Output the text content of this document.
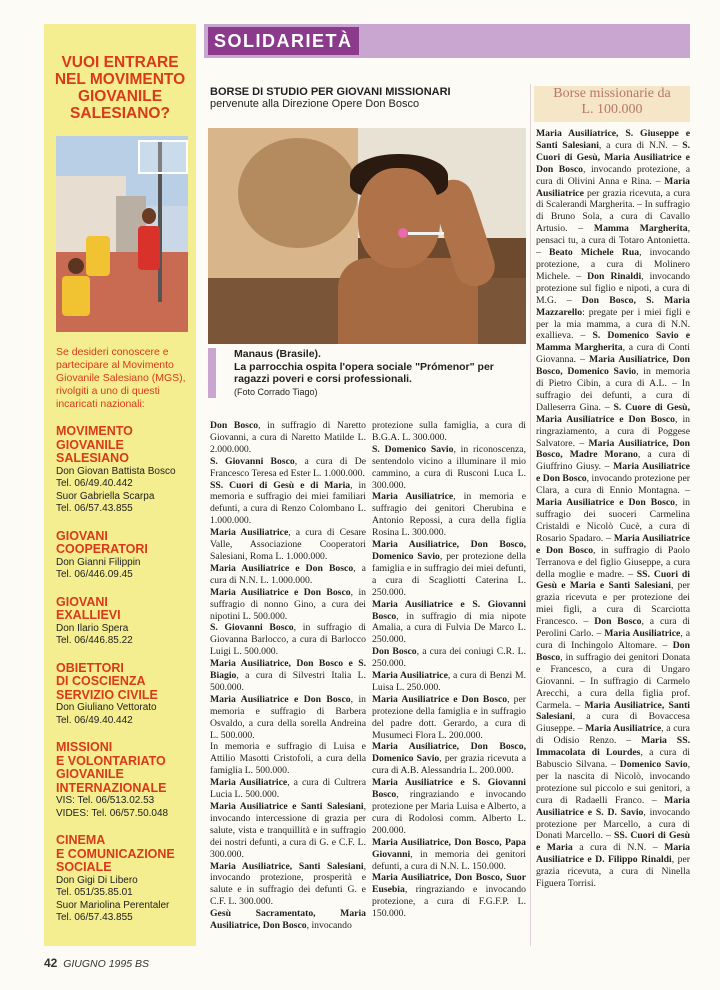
VUOI ENTRARE
NEL MOVIMENTO
GIOVANILE
SALESIANO?
Se desideri conoscere e partecipare al Movimento Giovanile Salesiano (MGS), rivolgiti a uno di questi incaricati nazionali:
MOVIMENTO
GIOVANILE
SALESIANO
Don Giovan Battista Bosco
Tel. 06/49.40.442
Suor Gabriella Scarpa
Tel. 06/57.43.855
GIOVANI
COOPERATORI
Don Gianni Filippin
Tel. 06/446.09.45
GIOVANI
EXALLIEVI
Don Ilario Spera
Tel. 06/446.85.22
OBIETTORI
DI COSCIENZA
SERVIZIO CIVILE
Don Giuliano Vettorato
Tel. 06/49.40.442
MISSIONI
E VOLONTARIATO
GIOVANILE
INTERNAZIONALE
VIS: Tel. 06/513.02.53
VIDES: Tel. 06/57.50.048
CINEMA
E COMUNICAZIONE
SOCIALE
Don Gigi Di Libero
Tel. 051/35.85.01
Suor Mariolina Perentaler
Tel. 06/57.43.855
42 GIUGNO 1995 BS
SOLIDARIETÀ
BORSE DI STUDIO PER GIOVANI MISSIONARI
pervenute alla Direzione Opere Don Bosco
Manaus (Brasile).
La parrocchia ospita l'opera sociale "Prómenor" per ragazzi poveri e corsi professionali.
(Foto Corrado Tiago)

Don Bosco, in suffragio di Naretto Giovanni, a cura di Naretto Matilde L. 2.000.000.

S. Giovanni Bosco, a cura di De Francesco Teresa ed Ester L. 1.000.000.

SS. Cuori di Gesù e di Maria, in memoria e suffragio dei miei familiari defunti, a cura di Renzo Colombano L. 1.000.000.

Maria Ausiliatrice, a cura di Cesare Valle, Associazione Cooperatori Salesiani, Roma L. 1.000.000.

Maria Ausiliatrice e Don Bosco, a cura di N.N. L. 1.000.000.

Maria Ausiliatrice e Don Bosco, in suffragio di nonno Gino, a cura dei nipotini L. 500.000.

S. Giovanni Bosco, in suffragio di Giovanna Barlocco, a cura di Barlocco Luigi L. 500.000.

Maria Ausiliatrice, Don Bosco e S. Biagio, a cura di Silvestri Italia L. 500.000.

Maria Ausiliatrice e Don Bosco, in memoria e suffragio di Barbera Osvaldo, a cura della sorella Andreina L. 500.000.

In memoria e suffragio di Luisa e Attilio Masotti Cristofoli, a cura della famiglia L. 500.000.

Maria Ausiliatrice, a cura di Cultrera Lucia L. 500.000.

Maria Ausiliatrice e Santi Salesiani, invocando intercessione di grazia per salute, vista e tranquillità e in suffragio dei nostri defunti, a cura di G. e C.F. L. 300.000.

Maria Ausiliatrice, Santi Salesiani, invocando protezione, prosperità e salute e in suffragio dei defunti G. e C.F. L. 300.000.

Gesù Sacramentato, Maria Ausiliatrice, Don Bosco, invocando

protezione sulla famiglia, a cura di B.G.A. L. 300.000.

S. Domenico Savio, in riconoscenza, sentendolo vicino a illuminare il mio cammino, a cura di Rusconi Luca L. 300.000.

Maria Ausiliatrice, in memoria e suffragio dei genitori Cherubina e Antonio Repossi, a cura della figlia Rosina L. 300.000.

Maria Ausiliatrice, Don Bosco, Domenico Savio, per protezione della famiglia e in suffragio dei miei defunti, a cura di Scagliotti Caterina L. 250.000.

Maria Ausiliatrice e S. Giovanni Bosco, in suffragio di mia nipote Amalia, a cura di Fulvia De Marco L. 250.000.

Don Bosco, a cura dei coniugi C.R. L. 250.000.

Maria Ausiliatrice, a cura di Benzi M. Luisa L. 250.000.

Maria Ausiliatrice e Don Bosco, per protezione della famiglia e in suffragio del padre dott. Gerardo, a cura di Musumeci Flora L. 200.000.

Maria Ausiliatrice, Don Bosco, Domenico Savio, per grazia ricevuta a cura di A.B. Alessandria L. 200.000.

Maria Ausiliatrice e S. Giovanni Bosco, ringraziando e invocando protezione per Maria Luisa e Alberto, a cura di Rodolosi comm. Alberto L. 200.000.

Maria Ausiliatrice, Don Bosco, Papa Giovanni, in memoria dei genitori defunti, a cura di N.N. L. 150.000.

Maria Ausiliatrice, Don Bosco, Suor Eusebia, ringraziando e invocando protezione, a cura di F.G.F.P. L. 150.000.

Borse missionarie da
L. 100.000

Maria Ausiliatrice, S. Giuseppe e Santi Salesiani, a cura di N.N. – S. Cuori di Gesù, Maria Ausiliatrice e Don Bosco, invocando protezione, a cura di Olivini Anna e Rina. – Maria Ausiliatrice per grazia ricevuta, a cura di Scalerandi Margherita. – In suffragio di Bruno Sola, a cura di Cavallo Artusio. – Mamma Margherita, pensaci tu, a cura di Totaro Antonietta. – Beato Michele Rua, invocando protezione, a cura di Molinero Michele. – Don Rinaldi, invocando protezione sul figlio e nipoti, a cura di M.G. – Don Bosco, S. Maria Mazzarello: pregate per i miei figli e per la mia mamma, a cura di N.N. exallieva. – S. Domenico Savio e Mamma Margherita, a cura di Conti Giovanna. – Maria Ausiliatrice, Don Bosco, Domenico Savio, in memoria di Pietro Cibin, a cura di A.L. – In suffragio dei defunti, a cura di Dalleserra Gina. – S. Cuore di Gesù, Maria Ausiliatrice e Don Bosco, in ringraziamento, a cura di Poggese Salvatore. – Maria Ausiliatrice, Don Bosco, Madre Morano, a cura di Giuffrino Giusy. – Maria Ausiliatrice e Don Bosco, invocando protezione per Clara, a cura di Ennio Montagna. – Maria Ausiliatrice e Don Bosco, in suffragio dei suoceri Carmelina Cristaldi e Nicolò Cucè, a cura di Rosario Spadaro. – Maria Ausiliatrice e Don Bosco, in suffragio di Paolo Terranova e del figlio Giuseppe, a cura della moglie e madre. – SS. Cuori di Gesù e Maria e Santi Salesiani, per grazia ricevuta e per protezione dei miei figli, a cura di Scarciotta Francesco. – Don Bosco, a cura di Perolini Carlo. – Maria Ausiliatrice, a cura di Inchingolo Altomare. – Don Bosco, in suffragio dei genitori Donata e Francesco, a cura di Ungaro Giovanni. – In suffragio di Carmelo Arecchi, a cura della figlia prof. Carmela. – Maria Ausiliatrice, Santi Salesiani, a cura di Bovaccesa Giuseppe. – Maria Ausiliatrice, a cura di Odisio Renzo. – Maria SS. Immacolata di Lourdes, a cura di Babuscio Silvana. – Domenico Savio, per la nascita di Nicolò, invocando protezione sul piccolo e sui genitori, a cura di Radaelli Franco. – Maria Ausiliatrice e S. D. Savio, invocando protezione per Marcello, a cura di Donati Marcello. – SS. Cuori di Gesù e Maria a cura di N.N. – Maria Ausiliatrice e D. Filippo Rinaldi, per grazia ricevuta, a cura di Ninella Figuera Torrisi.
